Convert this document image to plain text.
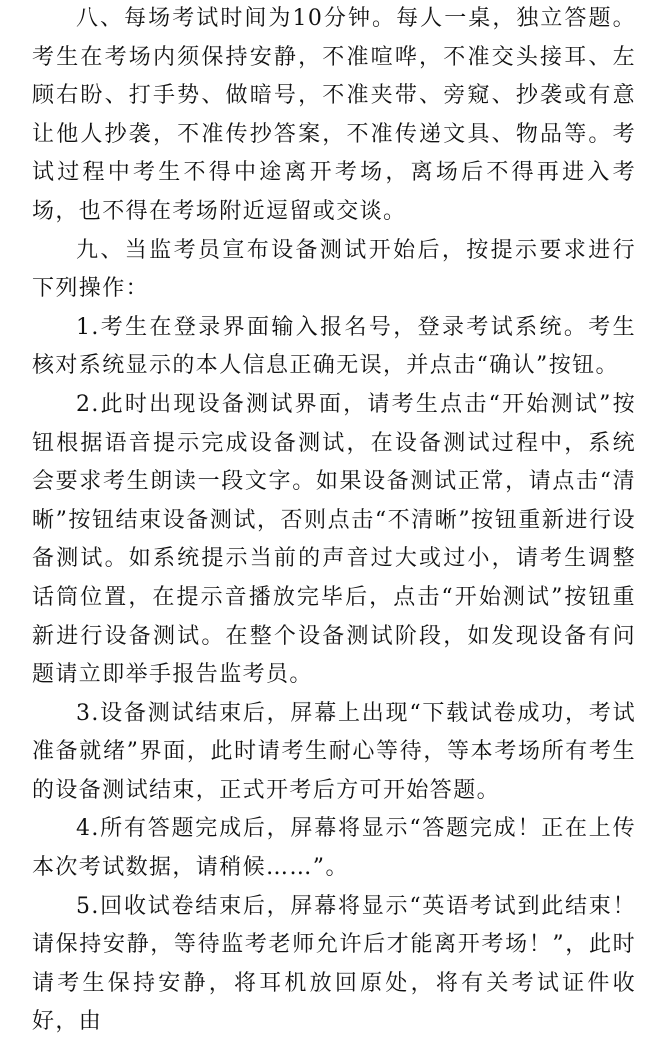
八、每场考试时间为10分钟。每人一桌，独立答题。考生在考场内须保持安静，不准喧哗，不准交头接耳、左顾右盼、打手势、做暗号，不准夹带、旁窥、抄袭或有意让他人抄袭，不准传抄答案，不准传递文具、物品等。考试过程中考生不得中途离开考场，离场后不得再进入考场，也不得在考场附近逗留或交谈。

九、当监考员宣布设备测试开始后，按提示要求进行下列操作：

1.考生在登录界面输入报名号，登录考试系统。考生核对系统显示的本人信息正确无误，并点击“确认”按钮。

2.此时出现设备测试界面，请考生点击“开始测试”按钮根据语音提示完成设备测试，在设备测试过程中，系统会要求考生朗读一段文字。如果设备测试正常，请点击“清晰”按钮结束设备测试，否则点击“不清晰”按钮重新进行设备测试。如系统提示当前的声音过大或过小，请考生调整话筒位置，在提示音播放完毕后，点击“开始测试”按钮重新进行设备测试。在整个设备测试阶段，如发现设备有问题请立即举手报告监考员。

3.设备测试结束后，屏幕上出现“下载试卷成功，考试准备就绪”界面，此时请考生耐心等待，等本考场所有考生的设备测试结束，正式开考后方可开始答题。

4.所有答题完成后，屏幕将显示“答题完成！正在上传本次考试数据，请稍候……”。

5.回收试卷结束后，屏幕将显示“英语考试到此结束！请保持安静，等待监考老师允许后才能离开考场！”，此时请考生保持安静，将耳机放回原处，将有关考试证件收好，由
